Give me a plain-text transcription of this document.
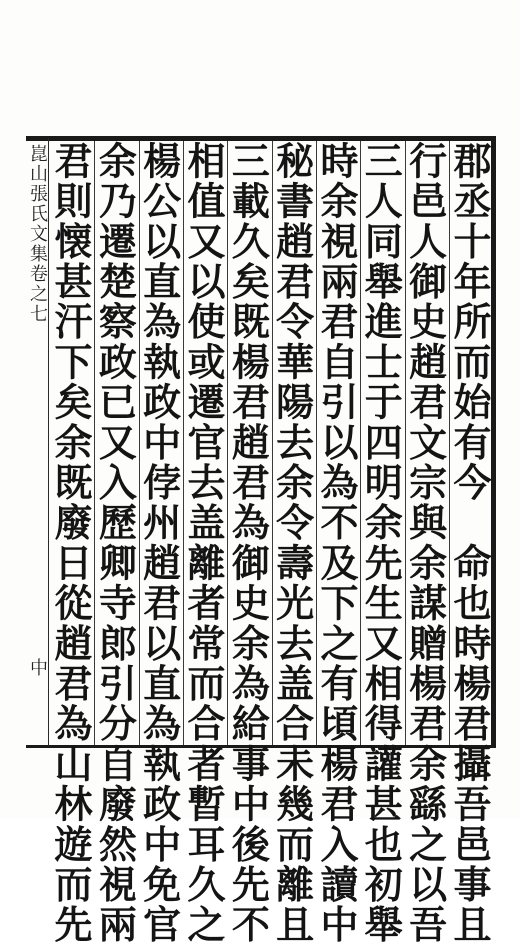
崑山張氏文集卷之七
中	郡丞十年所而始有今　命也時楊君攝吾邑事且
行邑人御史趙君文宗與余謀贈楊君余繇之以吾
三人同舉進士于四明余先生又相得讙甚也初舉
時余視兩君自引以為不及下之有頃楊君入讀中
秘書趙君令華陽去余令壽光去盖合未幾而離且
三載久矣既楊君趙君為御史余為給事中後先不
相值又以使或遷官去盖離者常而合者暫耳久之
楊公以直為執政中侼州趙君以直為執政中免官
余乃遷楚察政已又入歷卿寺郎引分自廢然視兩
君則懐甚汗下矣余既廢日從趙君為山林遊而先
